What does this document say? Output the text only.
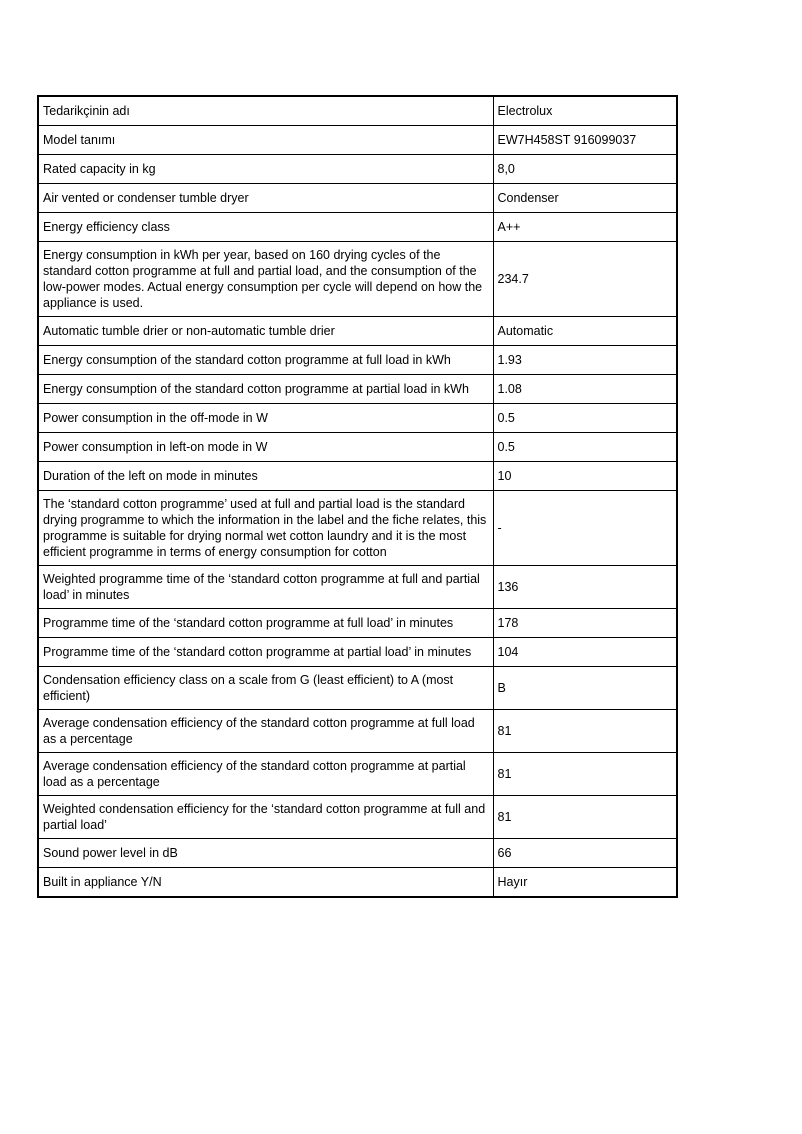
Tedarikçinin adı	Electrolux
Model tanımı	EW7H458ST 916099037
Rated capacity in kg	8,0
Air vented or condenser tumble dryer	Condenser
Energy efficiency class	A++
Energy consumption in kWh per year, based on 160 drying cycles of the standard cotton programme at full and partial load, and the consumption of the low-power modes. Actual energy consumption per cycle will depend on how the appliance is used.	234.7
Automatic tumble drier or non-automatic tumble drier	Automatic
Energy consumption of the standard cotton programme at full load in kWh	1.93
Energy consumption of the standard cotton programme at partial load in kWh	1.08
Power consumption in the off-mode in W	0.5
Power consumption in left-on mode in W	0.5
Duration of the left on mode in minutes	10
The ‘standard cotton programme’ used at full and partial load is the standard drying programme to which the information in the label and the fiche relates, this programme is suitable for drying normal wet cotton laundry and it is the most efficient programme in terms of energy consumption for cotton	-
Weighted programme time of the ‘standard cotton programme at full and partial load’ in minutes	136
Programme time of the ‘standard cotton programme at full load’ in minutes	178
Programme time of the ‘standard cotton programme at partial load’ in minutes	104
Condensation efficiency class on a scale from G (least efficient) to A (most efficient)	B
Average condensation efficiency of the standard cotton programme at full load as a percentage	81
Average condensation efficiency of the standard cotton programme at partial load as a percentage	81
Weighted condensation efficiency for the ‘standard cotton programme at full and partial load’	81
Sound power level in dB	66
Built in appliance Y/N	Hayır
